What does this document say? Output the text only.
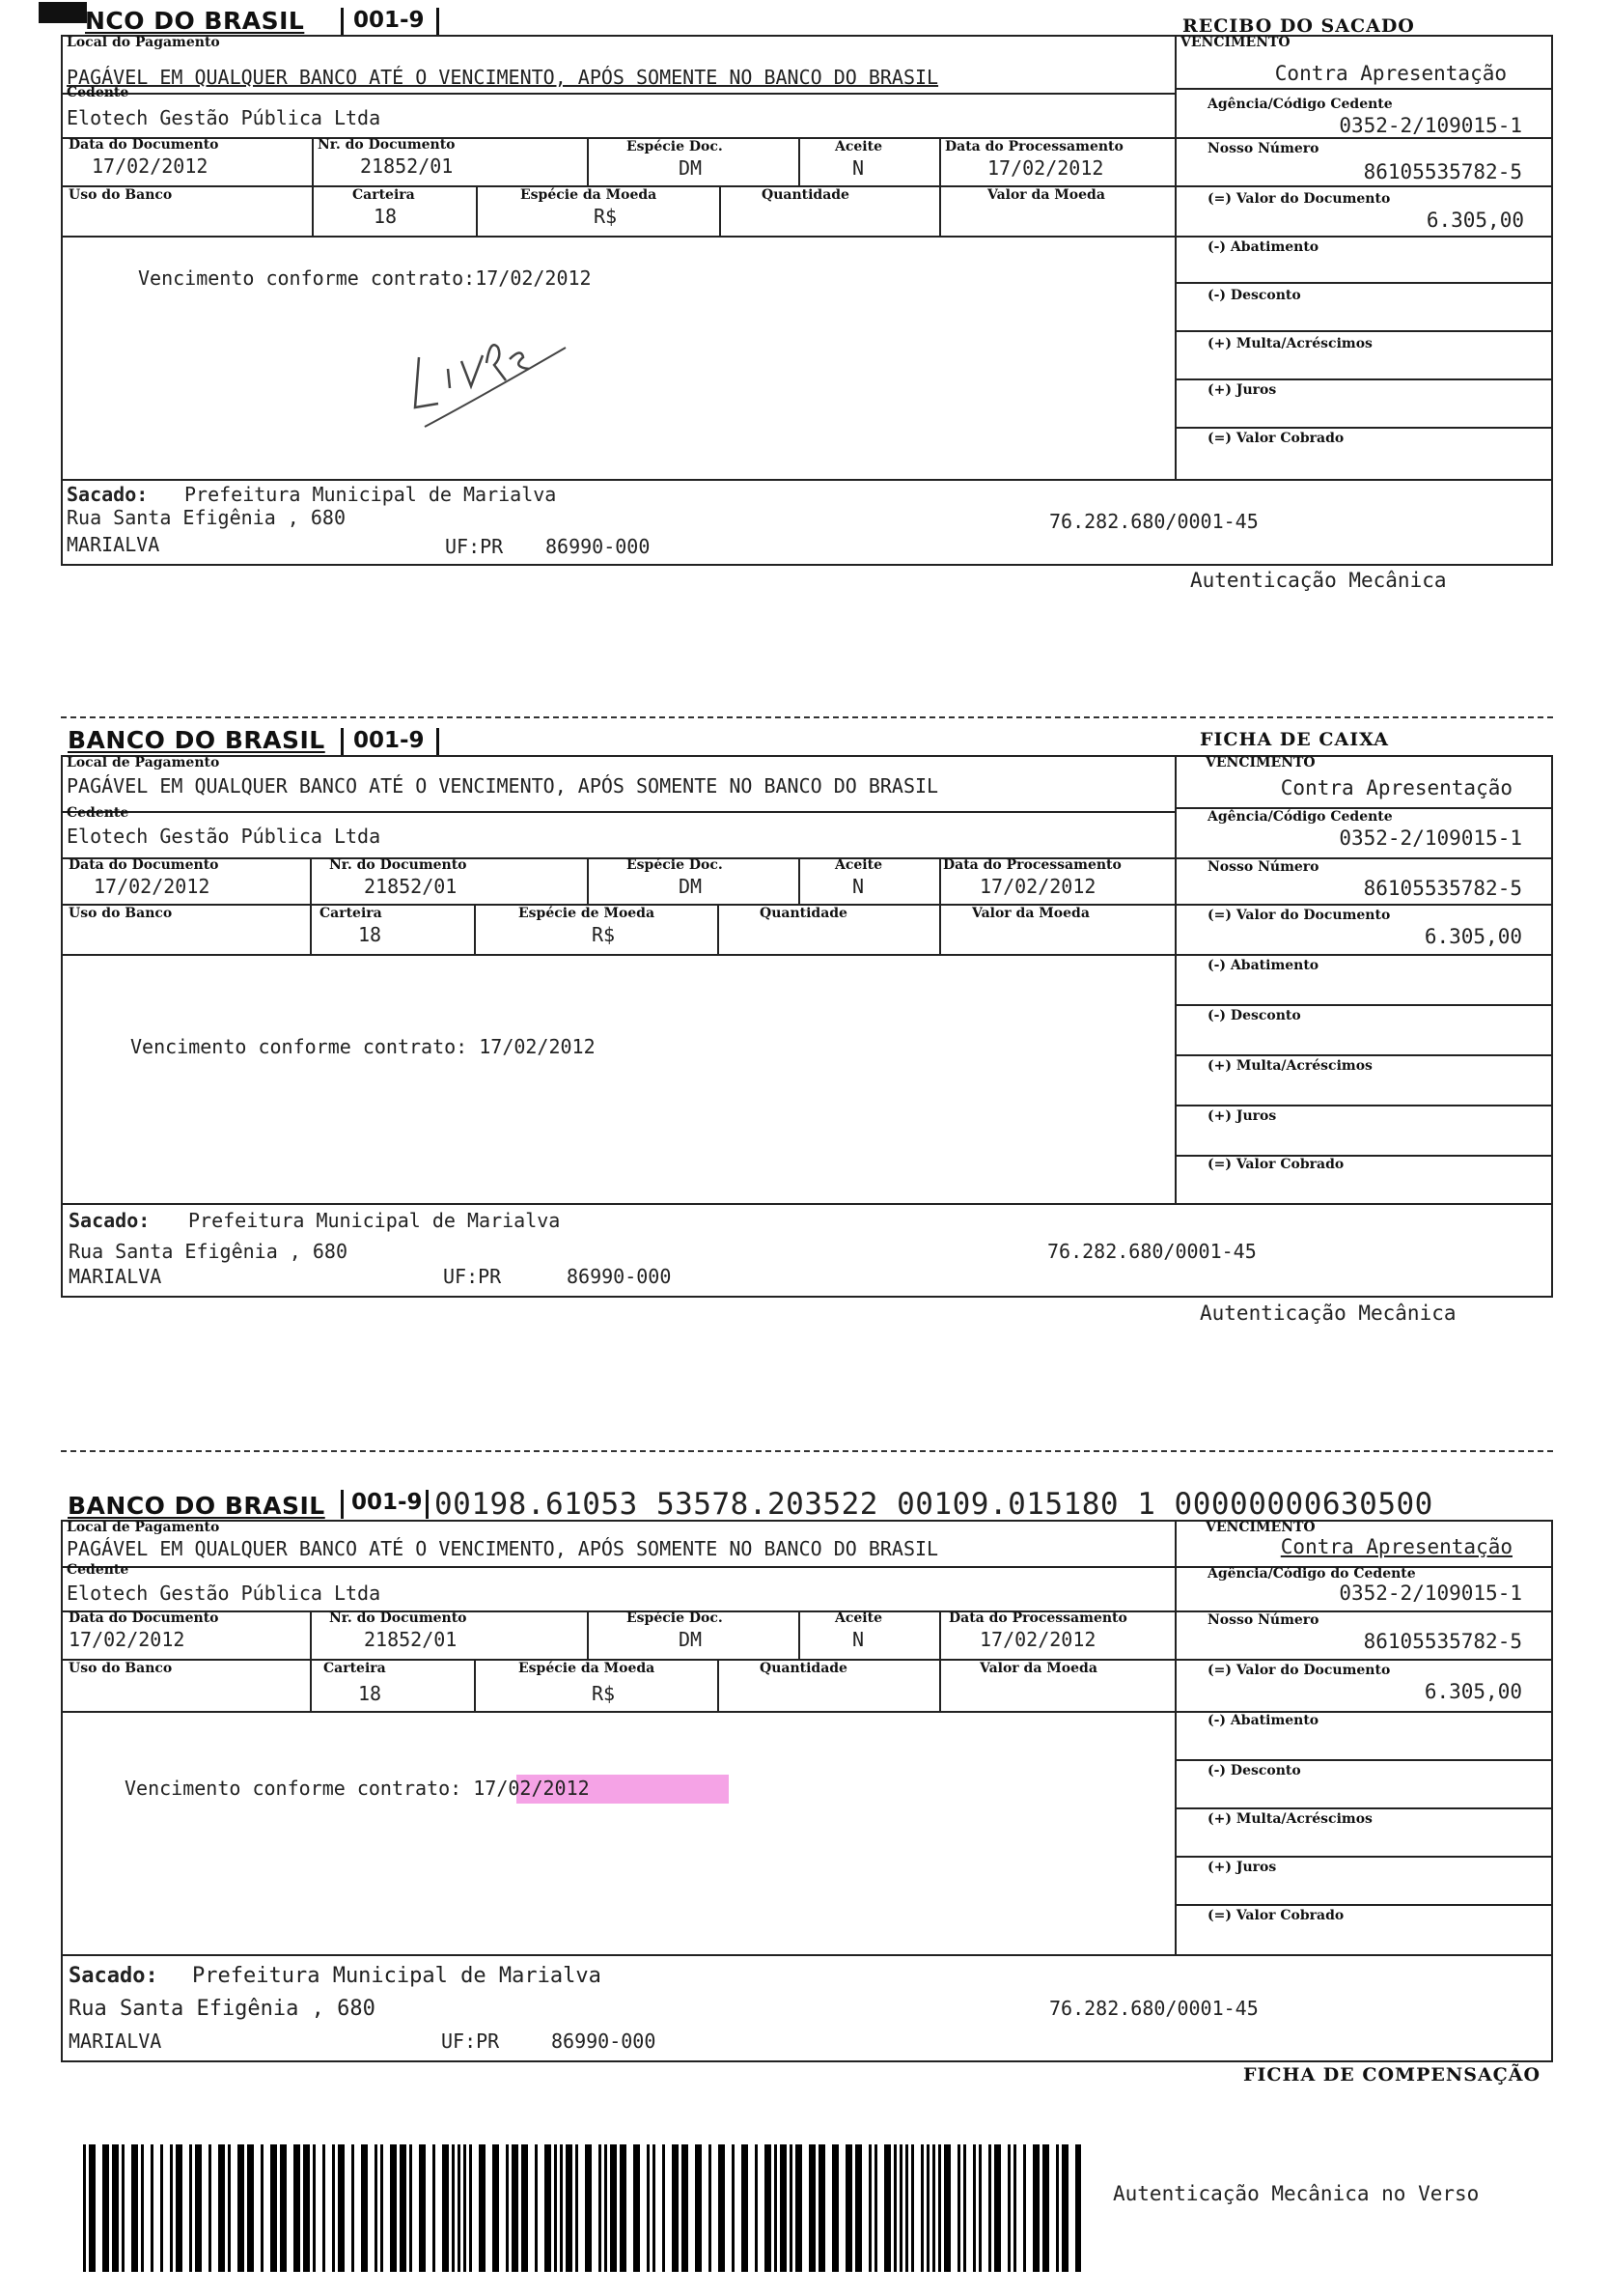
NCO DO BRASIL 001-9	RECIBO DO SACADO
Local do Pagamento
PAGÁVEL EM QUALQUER BANCO ATÉ O VENCIMENTO, APÓS SOMENTE NO BANCO DO BRASIL
Cedente
Elotech Gestão Pública Ltda
Data do Documento
17/02/2012
Nr. do Documento
21852/01
Espécie Doc.
DM
Aceite
N
Data do Processamento
17/02/2012
Uso do Banco	Carteira
18
Espécie da Moeda
R$
Quantidade	Valor da Moeda
Vencimento conforme contrato:17/02/2012
VENCIMENTO
Contra Apresentação
Agência/Código Cedente
0352-2/109015-1
Nosso Número
86105535782-5
(=) Valor do Documento
6.305,00
(-) Abatimento
(-) Desconto
(+) Multa/Acréscimos
(+) Juros
(=) Valor Cobrado
Sacado: Prefeitura Municipal de Marialva
Rua Santa Efigênia , 680
MARIALVA	UF:PR 86990-000
76.282.680/0001-45
Autenticação Mecânica
BANCO DO BRASIL 001-9	FICHA DE CAIXA
Local de Pagamento
PAGÁVEL EM QUALQUER BANCO ATÉ O VENCIMENTO, APÓS SOMENTE NO BANCO DO BRASIL
Cedente
Elotech Gestão Pública Ltda
Data do Documento
17/02/2012
Nr. do Documento
21852/01
Espécie Doc.
DM
Aceite
N
Data do Processamento
17/02/2012
Uso do Banco	Carteira
18
Espécie de Moeda
R$
Quantidade	Valor da Moeda
Vencimento conforme contrato: 17/02/2012
VENCIMENTO
Contra Apresentação
Agência/Código Cedente
0352-2/109015-1
Nosso Número
86105535782-5
(=) Valor do Documento
6.305,00
(-) Abatimento
(-) Desconto
(+) Multa/Acréscimos
(+) Juros
(=) Valor Cobrado
Sacado: Prefeitura Municipal de Marialva
Rua Santa Efigênia , 680
MARIALVA	UF:PR	86990-000
76.282.680/0001-45
Autenticação Mecânica
BANCO DO BRASIL 001-9 00198.61053 53578.203522 00109.015180 1 00000000630500
Local de Pagamento
PAGÁVEL EM QUALQUER BANCO ATÉ O VENCIMENTO, APÓS SOMENTE NO BANCO DO BRASIL
Cedente
Elotech Gestão Pública Ltda
Data do Documento
17/02/2012
Nr. do Documento
21852/01
Espécie Doc.
DM
Aceite
N
Data do Processamento
17/02/2012
Uso do Banco	Carteira
18
Espécie da Moeda
R$
Quantidade	Valor da Moeda
Vencimento conforme contrato: 17/02/2012
VENCIMENTO
Contra Apresentação
Agência/Código do Cedente
0352-2/109015-1
Nosso Número
86105535782-5
(=) Valor do Documento
6.305,00
(-) Abatimento
(-) Desconto
(+) Multa/Acréscimos
(+) Juros
(=) Valor Cobrado
Sacado: Prefeitura Municipal de Marialva
Rua Santa Efigênia , 680
MARIALVA	UF:PR	86990-000
76.282.680/0001-45
FICHA DE COMPENSAÇÃO
Autenticação Mecânica no Verso
